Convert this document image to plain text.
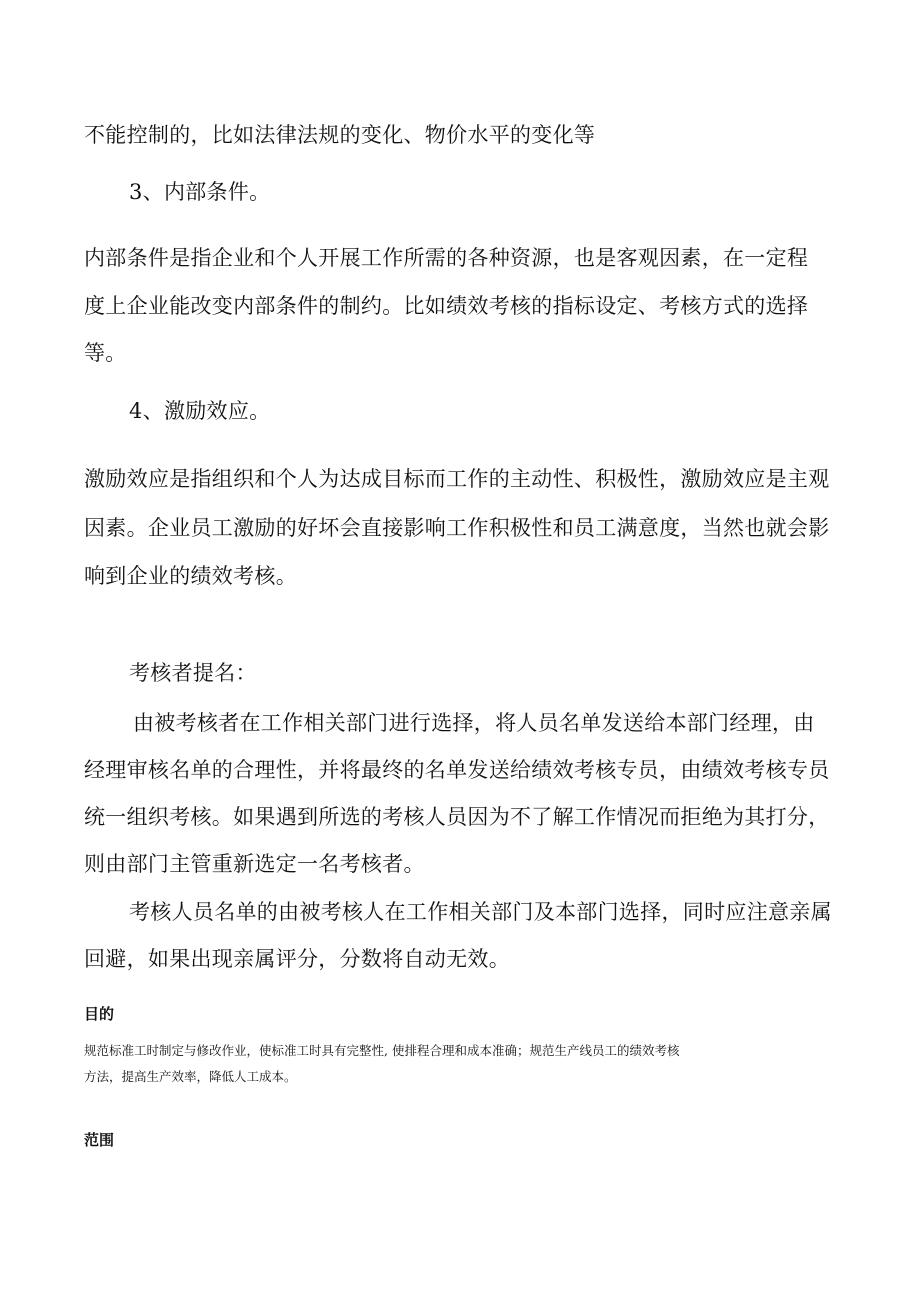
不能控制的，比如法律法规的变化、物价水平的变化等
3、内部条件。
内部条件是指企业和个人开展工作所需的各种资源，也是客观因素，在一定程
度上企业能改变内部条件的制约。比如绩效考核的指标设定、考核方式的选择
等。
4、激励效应。
激励效应是指组织和个人为达成目标而工作的主动性、积极性，激励效应是主观
因素。企业员工激励的好坏会直接影响工作积极性和员工满意度，当然也就会影
响到企业的绩效考核。
考核者提名：
由被考核者在工作相关部门进行选择，将人员名单发送给本部门经理，由
经理审核名单的合理性，并将最终的名单发送给绩效考核专员，由绩效考核专员
统一组织考核。如果遇到所选的考核人员因为不了解工作情况而拒绝为其打分，
则由部门主管重新选定一名考核者。
考核人员名单的由被考核人在工作相关部门及本部门选择，同时应注意亲属
回避，如果出现亲属评分，分数将自动无效。
目的
规范标准工时制定与修改作业，使标准工时具有完整性, 使排程合理和成本准确；规范生产线员工的绩效考核
方法，提高生产效率，降低人工成本。
范围
